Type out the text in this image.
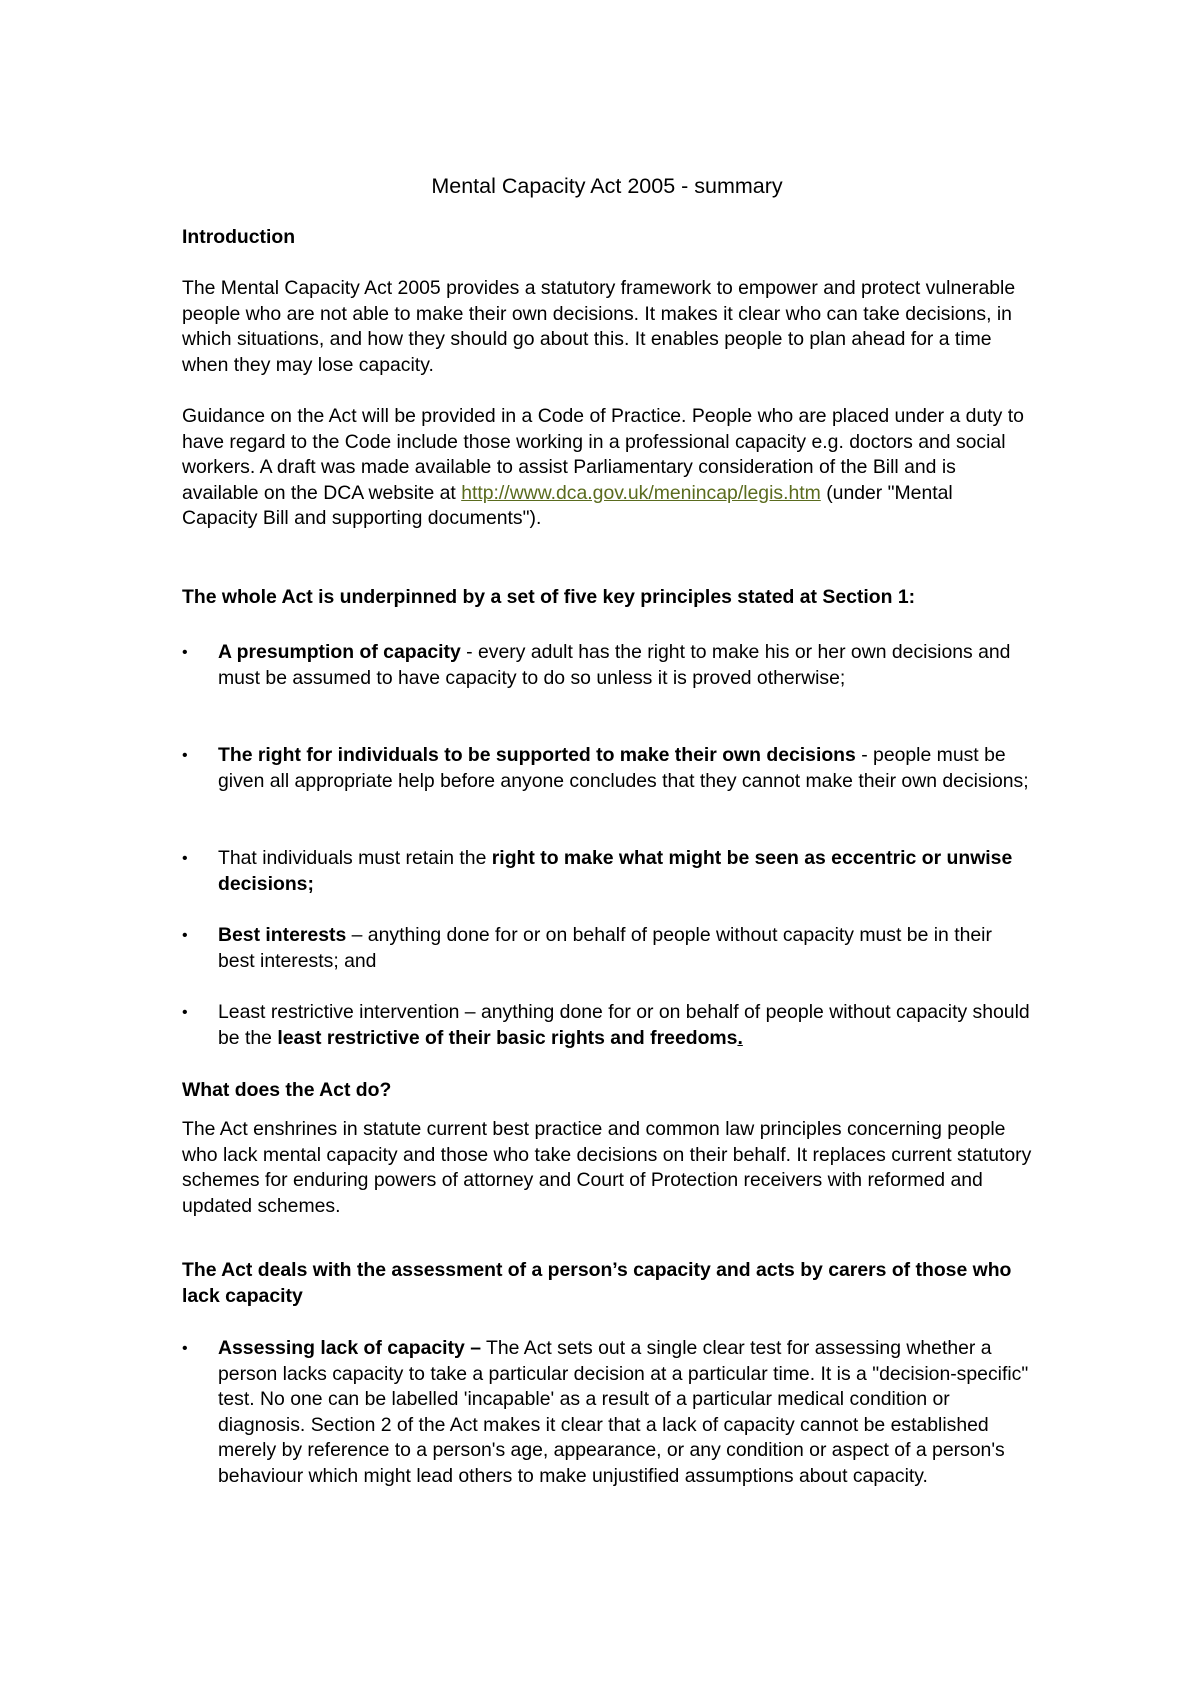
Mental Capacity Act 2005 - summary
Introduction

The Mental Capacity Act 2005 provides a statutory framework to empower and protect vulnerable people who are not able to make their own decisions. It makes it clear who can take decisions, in which situations, and how they should go about this. It enables people to plan ahead for a time when they may lose capacity.

Guidance on the Act will be provided in a Code of Practice. People who are placed under a duty to have regard to the Code include those working in a professional capacity e.g. doctors and social workers. A draft was made available to assist Parliamentary consideration of the Bill and is available on the DCA website at http://www.dca.gov.uk/menincap/legis.htm (under "Mental Capacity Bill and supporting documents").

The whole Act is underpinned by a set of five key principles stated at Section 1:
•	A presumption of capacity - every adult has the right to make his or her own decisions and must be assumed to have capacity to do so unless it is proved otherwise;
•	The right for individuals to be supported to make their own decisions - people must be given all appropriate help before anyone concludes that they cannot make their own decisions;
•	That individuals must retain the right to make what might be seen as eccentric or unwise decisions;
•	Best interests – anything done for or on behalf of people without capacity must be in their best interests; and
•	Least restrictive intervention – anything done for or on behalf of people without capacity should be the least restrictive of their basic rights and freedoms.
What does the Act do?

The Act enshrines in statute current best practice and common law principles concerning people who lack mental capacity and those who take decisions on their behalf. It replaces current statutory schemes for enduring powers of attorney and Court of Protection receivers with reformed and updated schemes.

The Act deals with the assessment of a person’s capacity and acts by carers of those who lack capacity
•	Assessing lack of capacity – The Act sets out a single clear test for assessing whether a person lacks capacity to take a particular decision at a particular time. It is a "decision-specific" test. No one can be labelled 'incapable' as a result of a particular medical condition or diagnosis. Section 2 of the Act makes it clear that a lack of capacity cannot be established merely by reference to a person's age, appearance, or any condition or aspect of a person's behaviour which might lead others to make unjustified assumptions about capacity.
